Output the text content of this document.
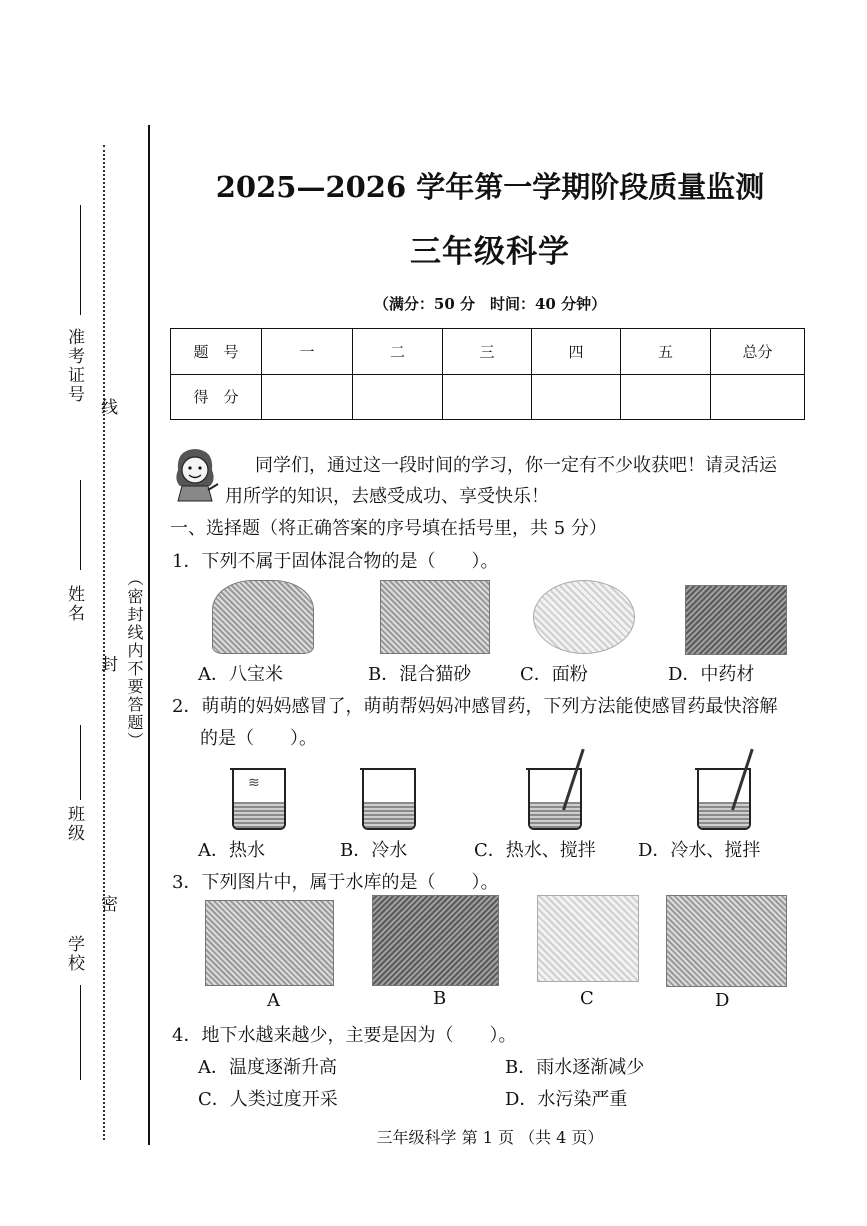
准考证号
线
姓名
封 （密封线内不要答题）
班级
密
学校
2025—2026 学年第一学期阶段质量监测
三年级科学
（满分：50 分　时间：40 分钟）
题　号	一	二	三	四	五	总分
得　分						
同学们，通过这一段时间的学习，你一定有不少收获吧！请灵活运
用所学的知识，去感受成功、享受快乐！
一、选择题（将正确答案的序号填在括号里，共 5 分）
1．下列不属于固体混合物的是（　　）。
A．八宝米	B．混合猫砂	C．面粉	D．中药材
2．萌萌的妈妈感冒了，萌萌帮妈妈冲感冒药，下列方法能使感冒药最快溶解
的是（　　）。
≋
A．热水	B．冷水	C．热水、搅拌 D．冷水、搅拌
3．下列图片中，属于水库的是（　　）。
A	B	C	D
4．地下水越来越少，主要是因为（　　）。
A．温度逐渐升高	B．雨水逐渐减少
C．人类过度开采	D．水污染严重
三年级科学 第 1 页 （共 4 页）
